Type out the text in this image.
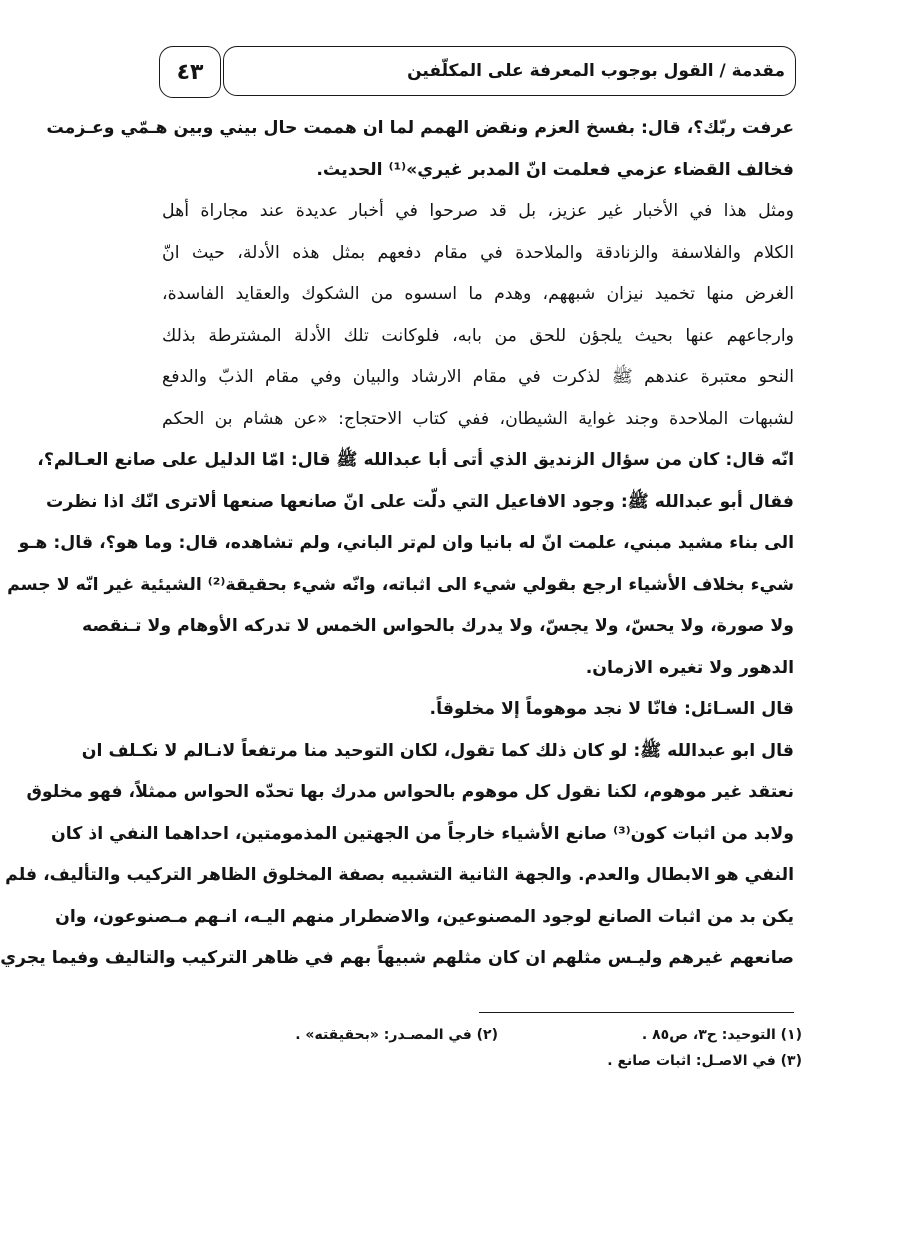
٤٣	مقدمة / القول بوجوب المعرفة على المكلّفين

عرفت ربّك؟، قال: بفسخ العزم ونقض الهمم لما ان هممت حال بيني وبين هـمّي وعـزمت

فخالف القضاء عزمي فعلمت انّ المدبر غيري»⁽¹⁾ الحديث.

ومثل هذا في الأخبار غير عزيز، بل قد صرحوا في أخبار عديدة عند مجاراة أهل

الكلام والفلاسفة والزنادقة والملاحدة في مقام دفعهم بمثل هذه الأدلة، حيث انّ

الغرض منها تخميد نيزان شبههم، وهدم ما اسسوه من الشكوك والعقايد الفاسدة،

وارجاعهم عنها بحيث يلجؤن للحق من بابه، فلوكانت تلك الأدلة المشترطة بذلك

النحو معتبرة عندهم ﷺ لذكرت في مقام الارشاد والبيان وفي مقام الذبّ والدفع

لشبهات الملاحدة وجند غواية الشيطان، ففي كتاب الاحتجاج: «عن هشام بن الحكم

انّه قال: كان من سؤال الزنديق الذي أتى أبا عبدالله ﷺ قال: امّا الدليل على صانع العـالم؟،

فقال أبو عبدالله ﷺ: وجود الافاعيل التي دلّت على انّ صانعها صنعها ألاترى انّك اذا نظرت

الى بناء مشيد مبني، علمت انّ له بانيا وان لم‌تر الباني، ولم تشاهده، قال: وما هو؟، قال: هـو

شيء بخلاف الأشياء ارجع بقولي شيء الى اثباته، وانّه شيء بحقيقة⁽²⁾ الشيئية غير انّه لا جسم

ولا صورة، ولا يحسّ، ولا يجسّ، ولا يدرك بالحواس الخمس لا تدركه الأوهام ولا تـنقصه

الدهور ولا تغيره الازمان.

قال السـائل: فانّا لا نجد موهوماً إلا مخلوقاً.

قال ابو عبدالله ﷺ: لو كان ذلك كما تقول، لكان التوحيد منا مرتفعاً لانـالم لا نكـلف ان

نعتقد غير موهوم، لكنا نقول كل موهوم بالحواس مدرك بها تحدّه الحواس ممثلاً، فهو مخلوق

ولابد من اثبات كون⁽³⁾ صانع الأشياء خارجاً من الجهتين المذمومتين، احداهما النفي اذ كان

النفي هو الابطال والعدم. والجهة الثانية التشبيه بصفة المخلوق الظاهر التركيب والتأليف، فلم

يكن بد من اثبات الصانع لوجود المصنوعين، والاضطرار منهم اليـه، انـهم مـصنوعون، وان

صانعهم غيرهم وليـس مثلهم ان كان مثلهم شبيهاً بهم في ظاهر التركيب والتاليف وفيما يجري

(١) التوحيد: ح٣، ص٨٥ .
(٢) في المصـدر: «بحقيقته» .
(٣) في الاصـل: اثبات صانع .
